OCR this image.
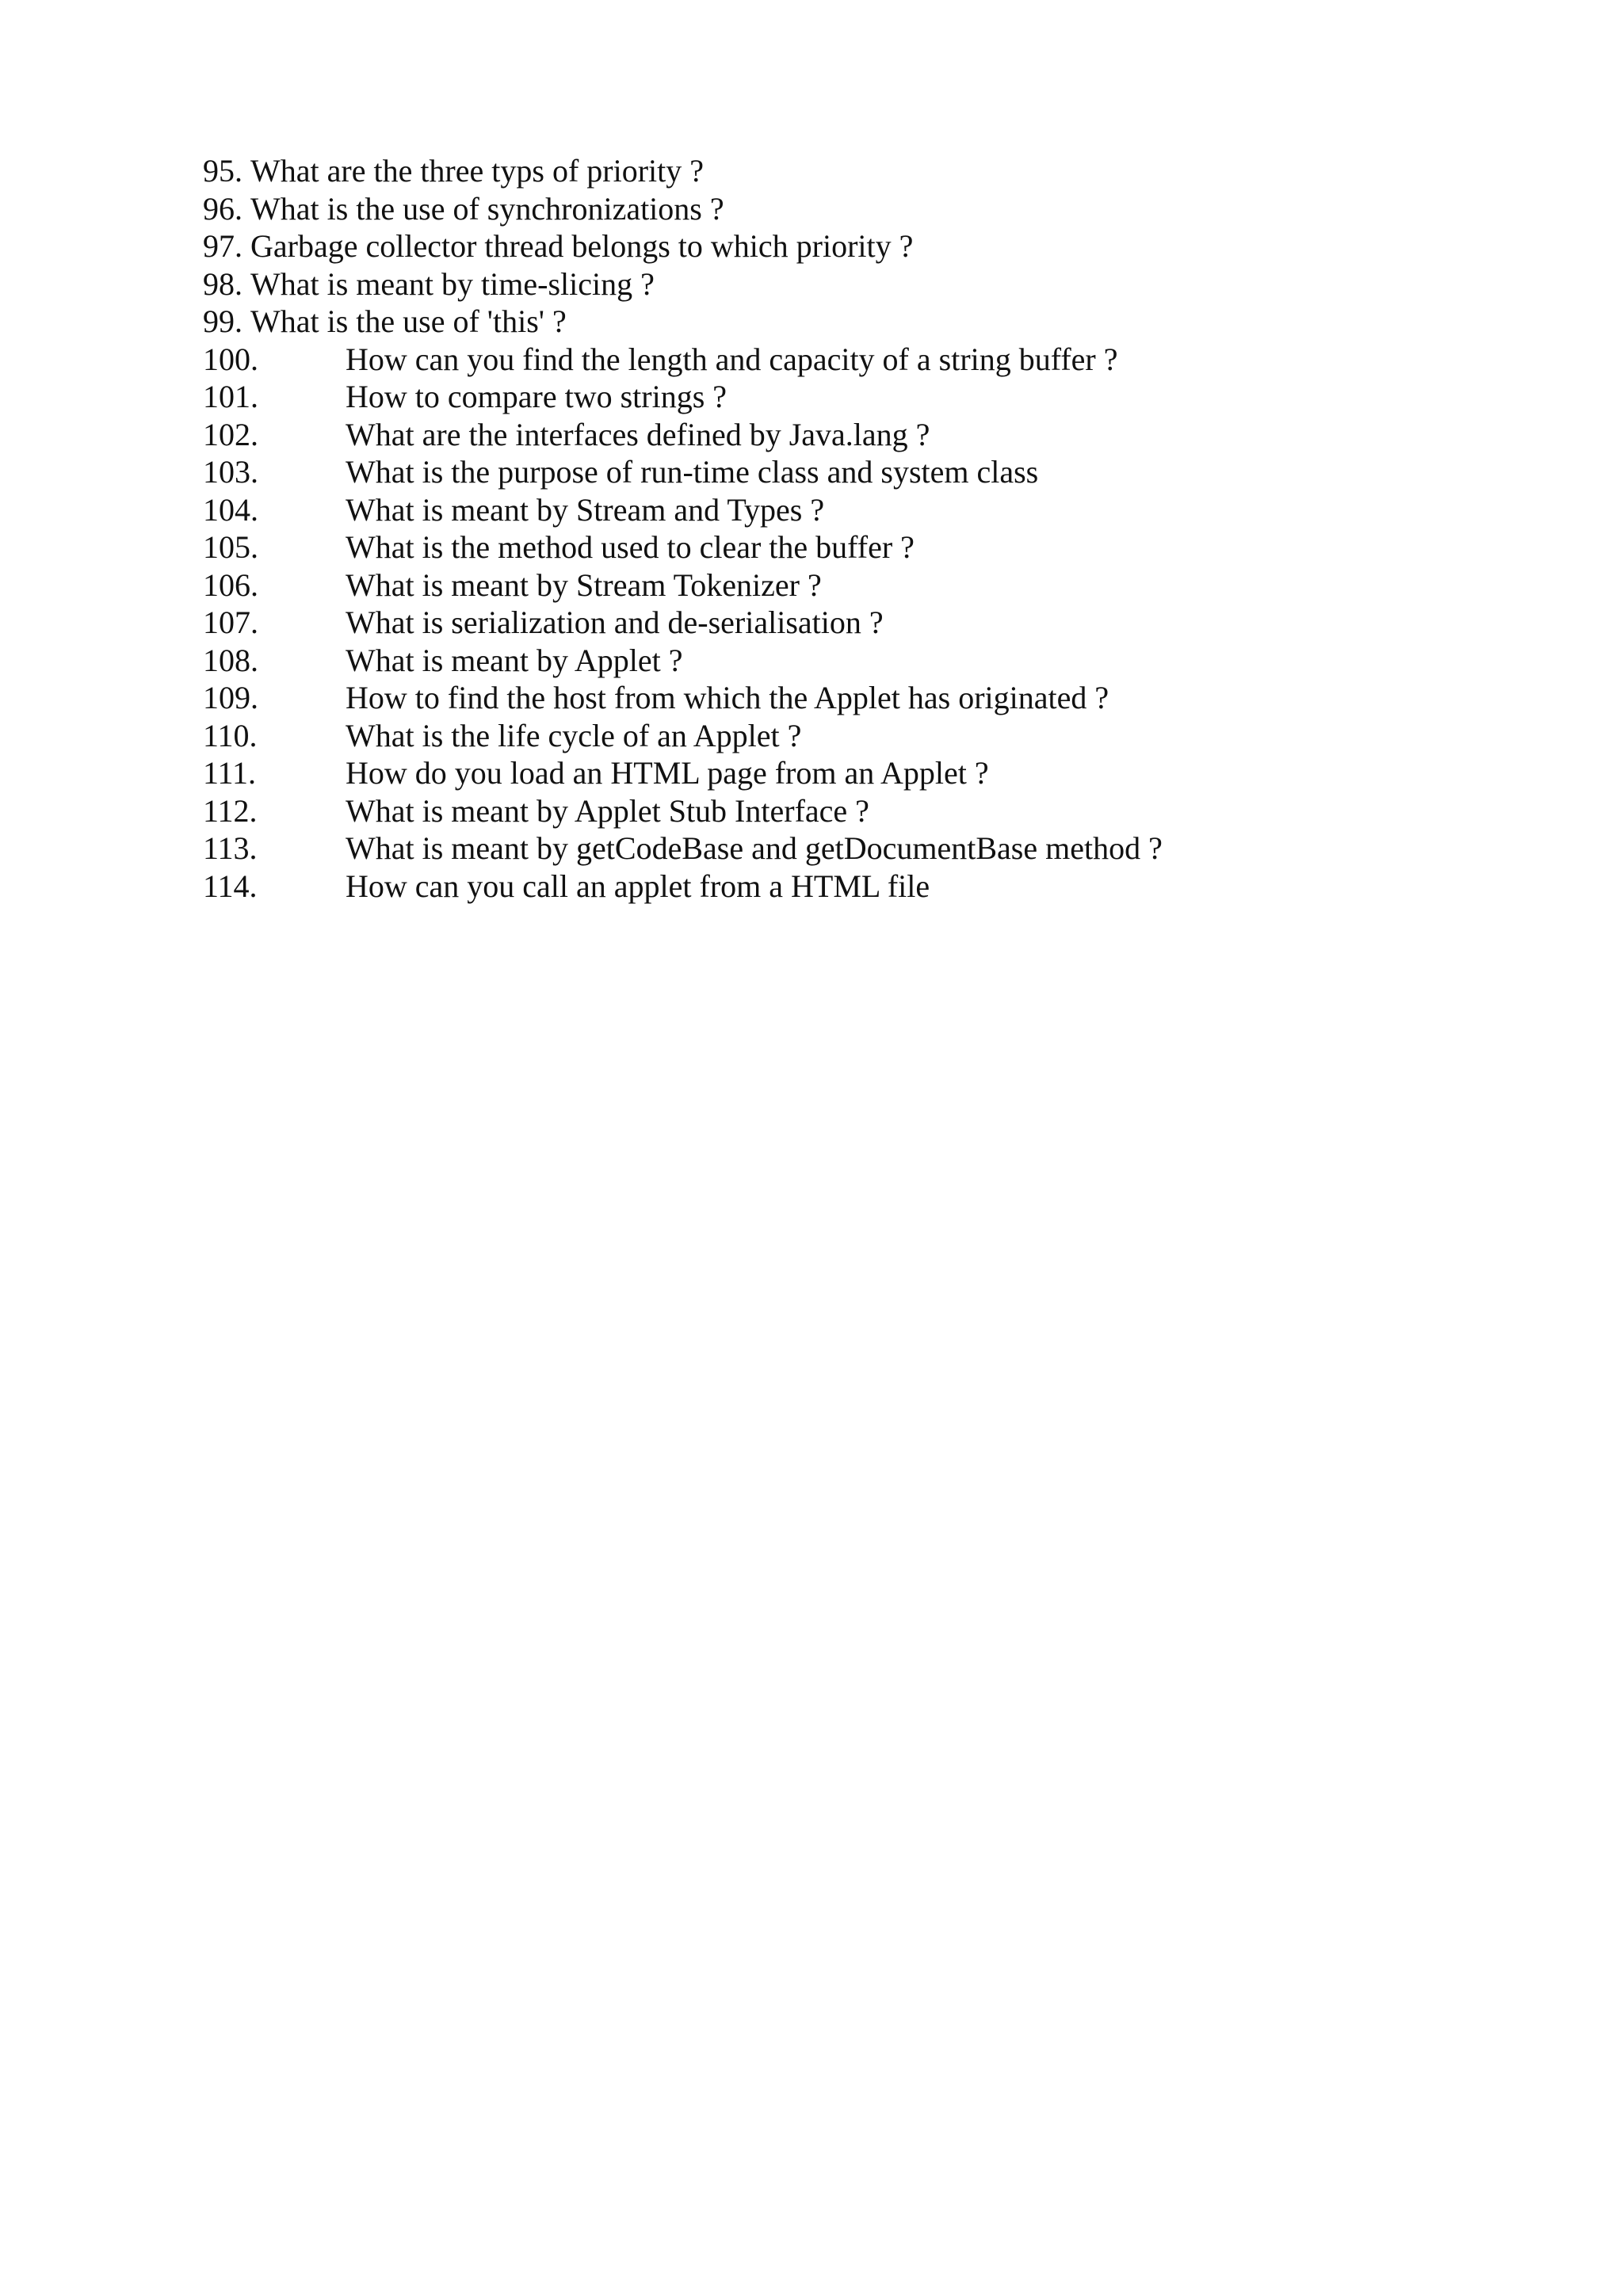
95. What are the three typs of priority ?
96. What is the use of synchronizations ?
97. Garbage collector thread belongs to which priority ?
98. What is meant by time-slicing ?
99. What is the use of 'this' ?
100.	How can you find the length and capacity of a string buffer ?
101.	How to compare two strings ?
102.	What are the interfaces defined by Java.lang ?
103.	What is the purpose of run-time class and system class
104.	What is meant by Stream and Types ?
105.	What is the method used to clear the buffer ?
106.	What is meant by Stream Tokenizer ?
107.	What is serialization and de-serialisation ?
108.	What is meant by Applet ?
109.	How to find the host from which the Applet has originated ?
110.	What is the life cycle of an Applet ?
111.	How do you load an HTML page from an Applet ?
112.	What is meant by Applet Stub Interface ?
113.	What is meant by getCodeBase and getDocumentBase method ?
114.	How can you call an applet from a HTML file
